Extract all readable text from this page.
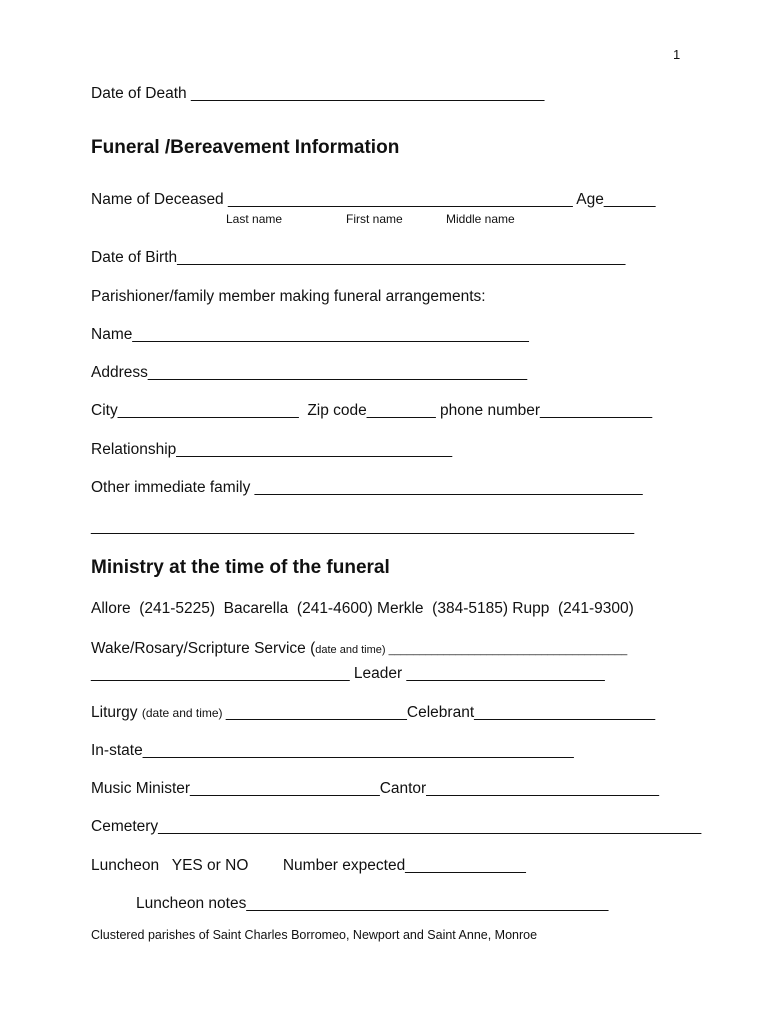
1
Date of Death _________________________________________
Funeral /Bereavement Information
Name of Deceased ________________________________________ Age______
Last name	First name	Middle name
Date of Birth____________________________________________________
Parishioner/family member making funeral arrangements:
Name______________________________________________
Address____________________________________________
City_____________________  Zip code________ phone number_____________
Relationship________________________________
Other immediate family _____________________________________________
_______________________________________________________________
Ministry at the time of the funeral
Allore  (241-5225)  Bacarella  (241-4600) Merkle  (384-5185) Rupp  (241-9300)
Wake/Rosary/Scripture Service (date and time) _______________________________________
______________________________ Leader _______________________
Liturgy (date and time) _____________________Celebrant_____________________
In-state__________________________________________________
Music Minister______________________Cantor___________________________
Cemetery_______________________________________________________________
Luncheon   YES or NO        Number expected______________
Luncheon notes__________________________________________
Clustered parishes of Saint Charles Borromeo, Newport and Saint Anne, Monroe
